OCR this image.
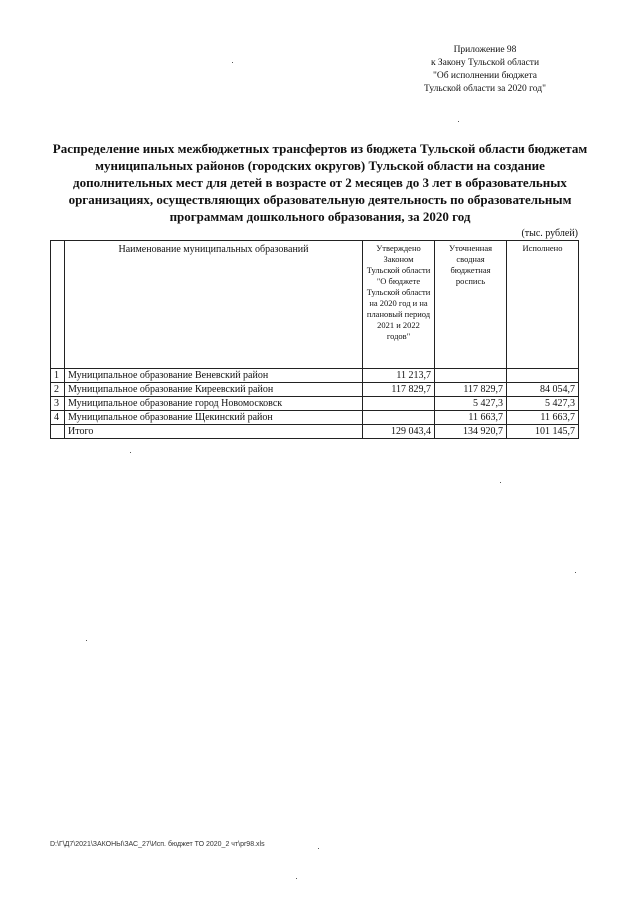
Приложение 98
к Закону Тульской области
"Об исполнении бюджета
Тульской области за 2020 год"
Распределение иных межбюджетных трансфертов из бюджета Тульской области бюджетам
муниципальных районов (городских округов) Тульской области на создание
дополнительных мест для детей в возрасте от 2 месяцев до 3 лет в образовательных
организациях, осуществляющих образовательную деятельность по образовательным
программам дошкольного образования, за 2020 год
(тыс. рублей)
	Наименование муниципальных образований	Утверждено Законом Тульской области "О бюджете Тульской области на 2020 год и на плановый период 2021 и 2022 годов"	Уточненная сводная бюджетная роспись	Исполнено
1	Муниципальное образование Веневский район	11 213,7		
2	Муниципальное образование Киреевский район	117 829,7	117 829,7	84 054,7
3	Муниципальное образование город Новомосковск		5 427,3	5 427,3
4	Муниципальное образование Щекинский район		11 663,7	11 663,7
	Итого	129 043,4	134 920,7	101 145,7
D:\Г\Д7\2021\ЗАКОНЫ\ЗАС_27\Исп. бюджет ТО 2020_2 чт\pr98.xls
